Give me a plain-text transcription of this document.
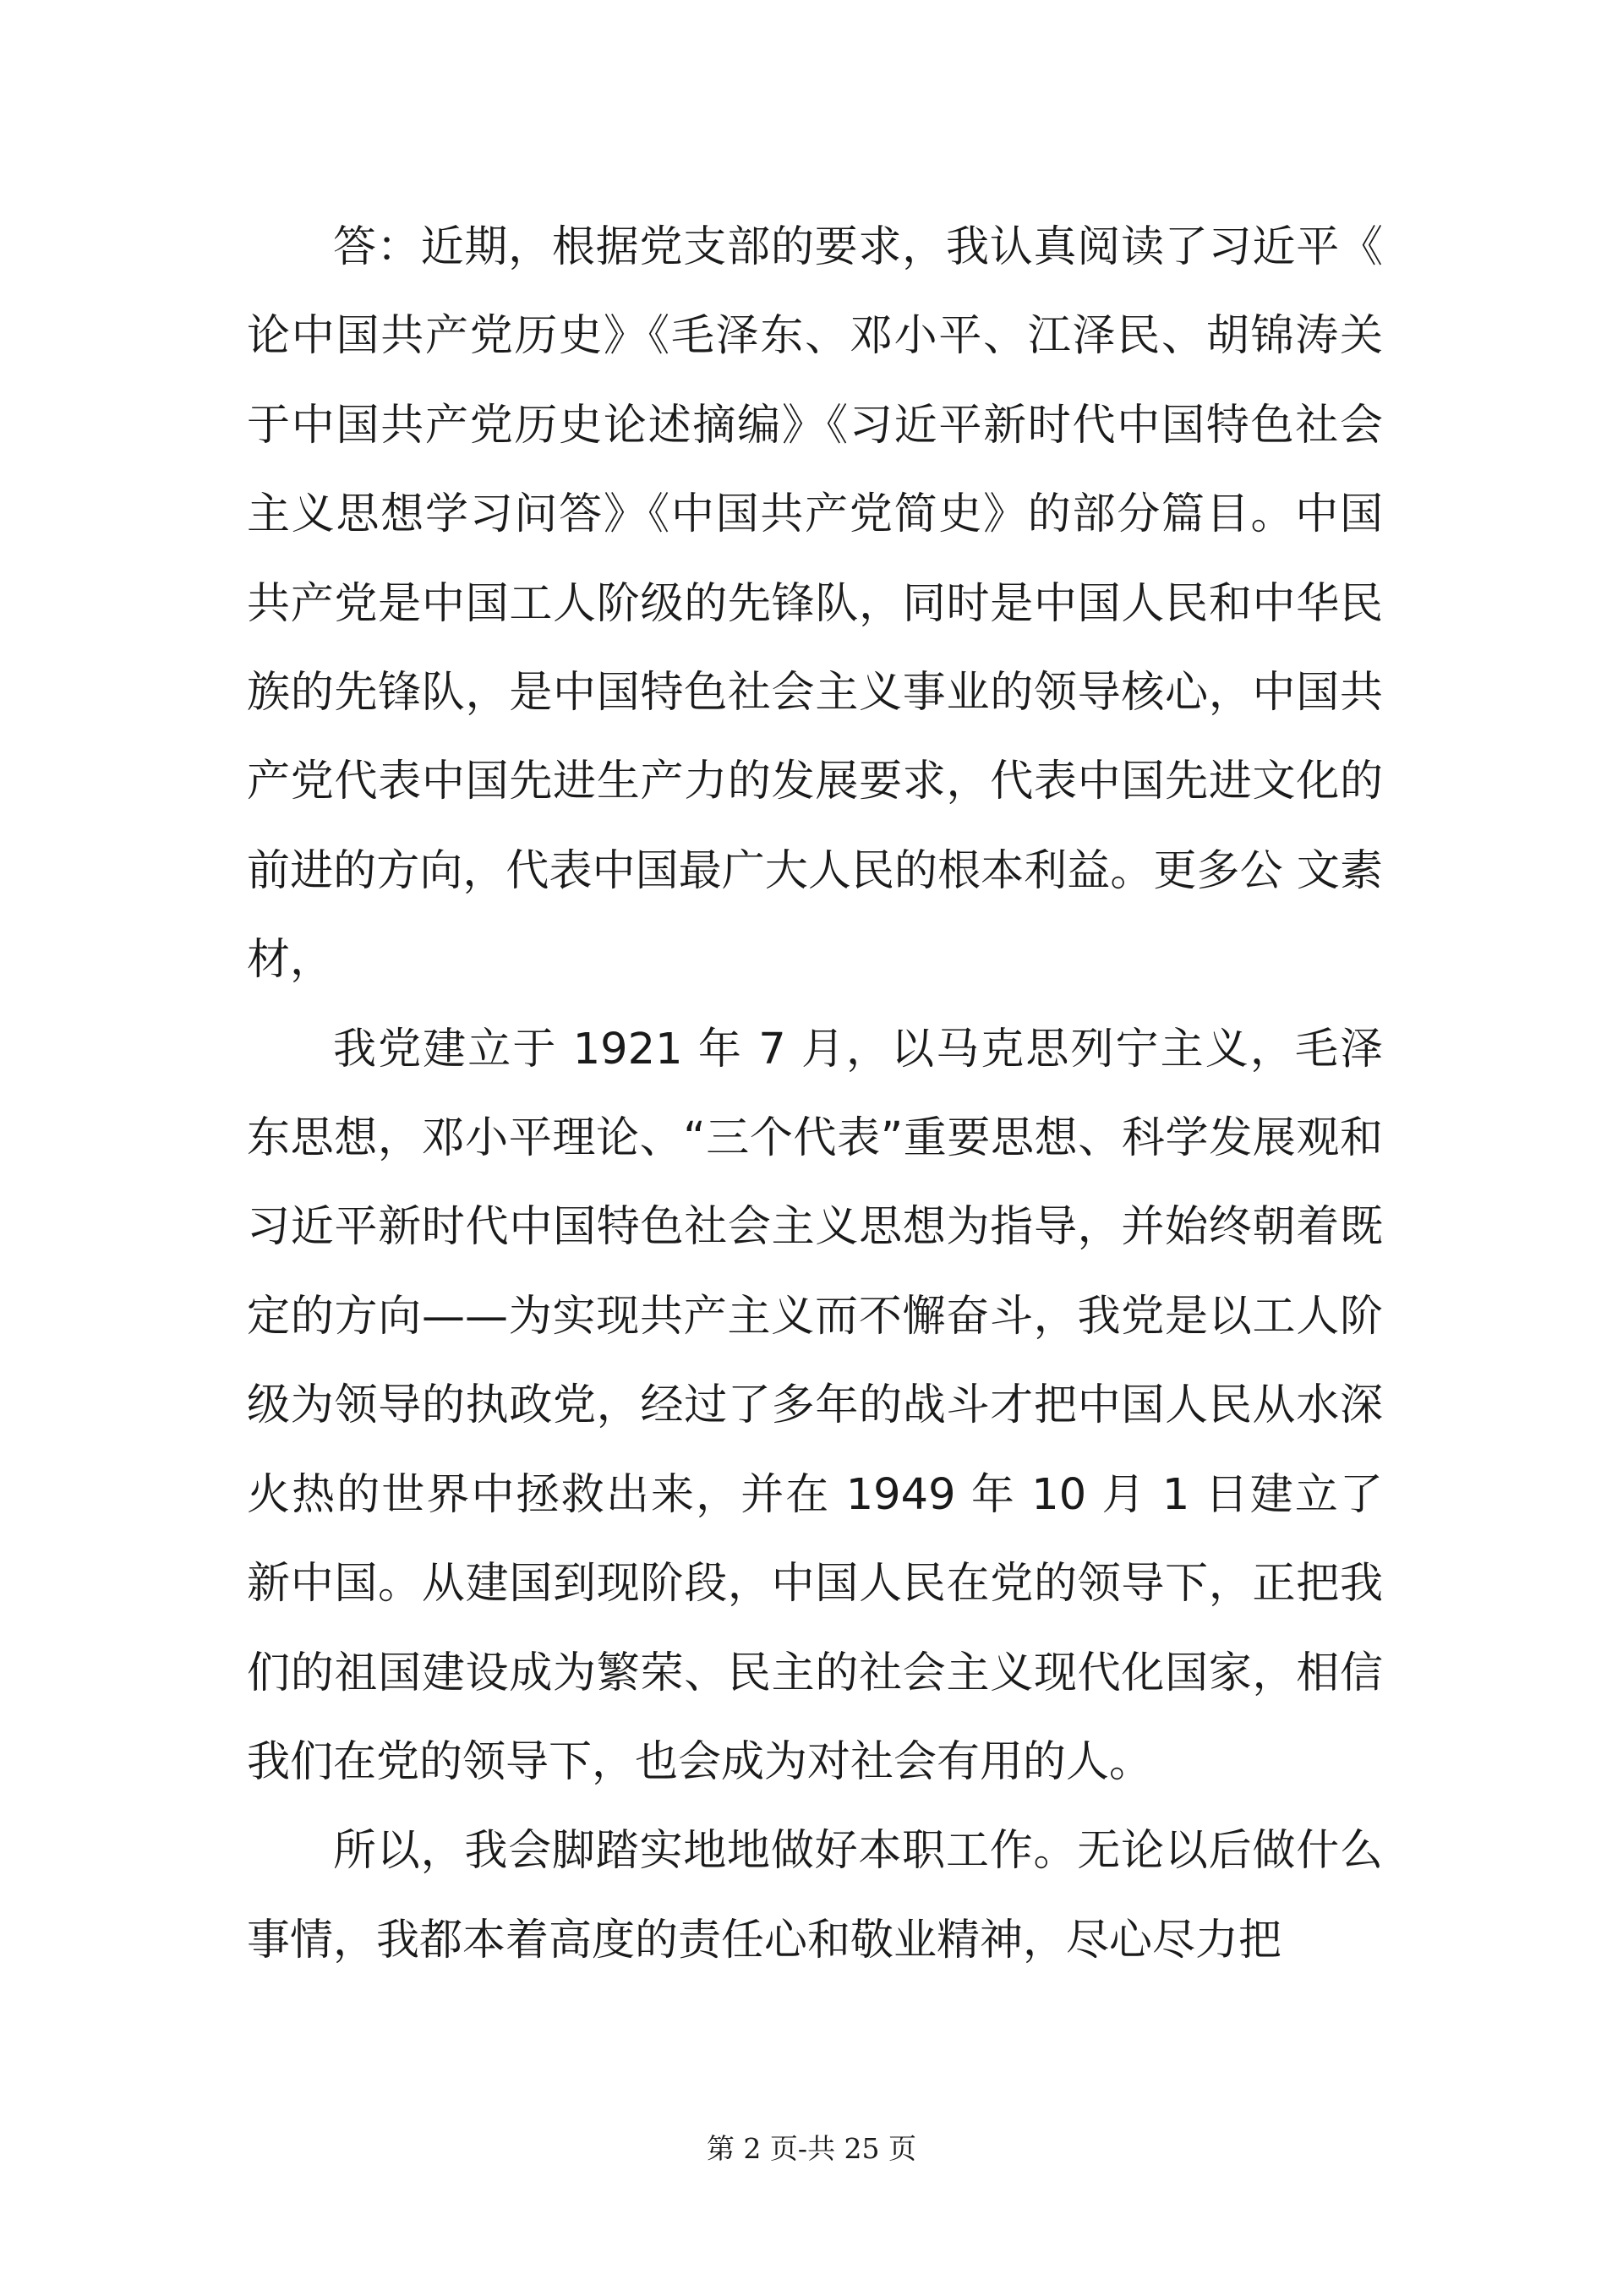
答：近期，根据党支部的要求，我认真阅读了习近平《论中国共产党历史》《毛泽东、邓小平、江泽民、胡锦涛关于中国共产党历史论述摘编》《习近平新时代中国特色社会主义思想学习问答》《中国共产党简史》的部分篇目。中国共产党是中国工人阶级的先锋队，同时是中国人民和中华民族的先锋队，是中国特色社会主义事业的领导核心，中国共产党代表中国先进生产力的发展要求，代表中国先进文化的前进的方向，代表中国最广大人民的根本利益。更多公 文素材，

我党建立于 1921 年 7 月，以马克思列宁主义，毛泽东思想，邓小平理论、“三个代表”重要思想、科学发展观和习近平新时代中国特色社会主义思想为指导，并始终朝着既定的方向——为实现共产主义而不懈奋斗，我党是以工人阶级为领导的执政党，经过了多年的战斗才把中国人民从水深火热的世界中拯救出来，并在 1949 年 10 月 1 日建立了新中国。从建国到现阶段，中国人民在党的领导下，正把我们的祖国建设成为繁荣、民主的社会主义现代化国家，相信我们在党的领导下，也会成为对社会有用的人。

所以，我会脚踏实地地做好本职工作。无论以后做什么事情，我都本着高度的责任心和敬业精神，尽心尽力把

第 2 页-共 25 页
